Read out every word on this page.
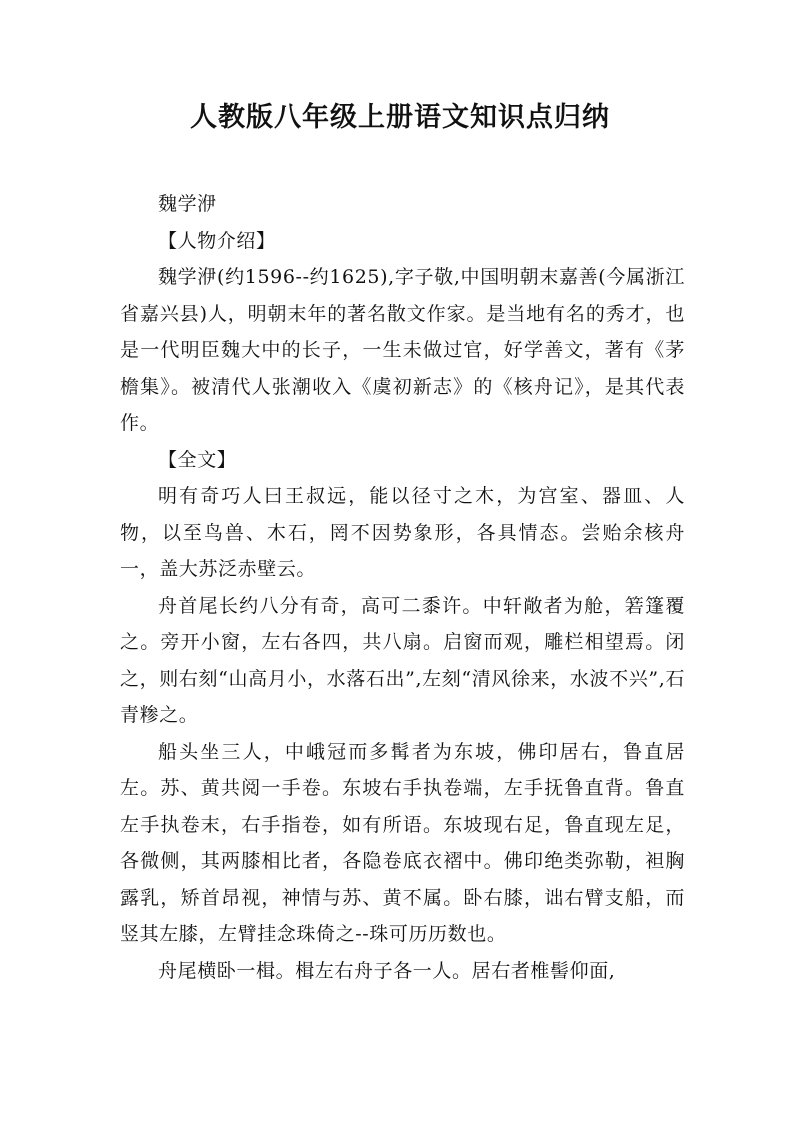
人教版八年级上册语文知识点归纳

魏学洢

【人物介绍】

魏学洢(约1596--约1625),字子敬,中国明朝末嘉善(今属浙江省嘉兴县)人，明朝末年的著名散文作家。是当地有名的秀才，也是一代明臣魏大中的长子，一生未做过官，好学善文，著有《茅檐集》。被清代人张潮收入《虞初新志》的《核舟记》，是其代表作。

【全文】

明有奇巧人曰王叔远，能以径寸之木，为宫室、器皿、人物，以至鸟兽、木石，罔不因势象形，各具情态。尝贻余核舟一，盖大苏泛赤壁云。

舟首尾长约八分有奇，高可二黍许。中轩敞者为舱，箬篷覆之。旁开小窗，左右各四，共八扇。启窗而观，雕栏相望焉。闭之，则右刻“山高月小，水落石出”,左刻“清风徐来，水波不兴”,石青糁之。

船头坐三人，中峨冠而多髯者为东坡，佛印居右，鲁直居左。苏、黄共阅一手卷。东坡右手执卷端，左手抚鲁直背。鲁直左手执卷末，右手指卷，如有所语。东坡现右足，鲁直现左足，各微侧，其两膝相比者，各隐卷底衣褶中。佛印绝类弥勒，袒胸露乳，矫首昂视，神情与苏、黄不属。卧右膝，诎右臂支船，而竖其左膝，左臂挂念珠倚之--珠可历历数也。

舟尾横卧一楫。楫左右舟子各一人。居右者椎髻仰面,
